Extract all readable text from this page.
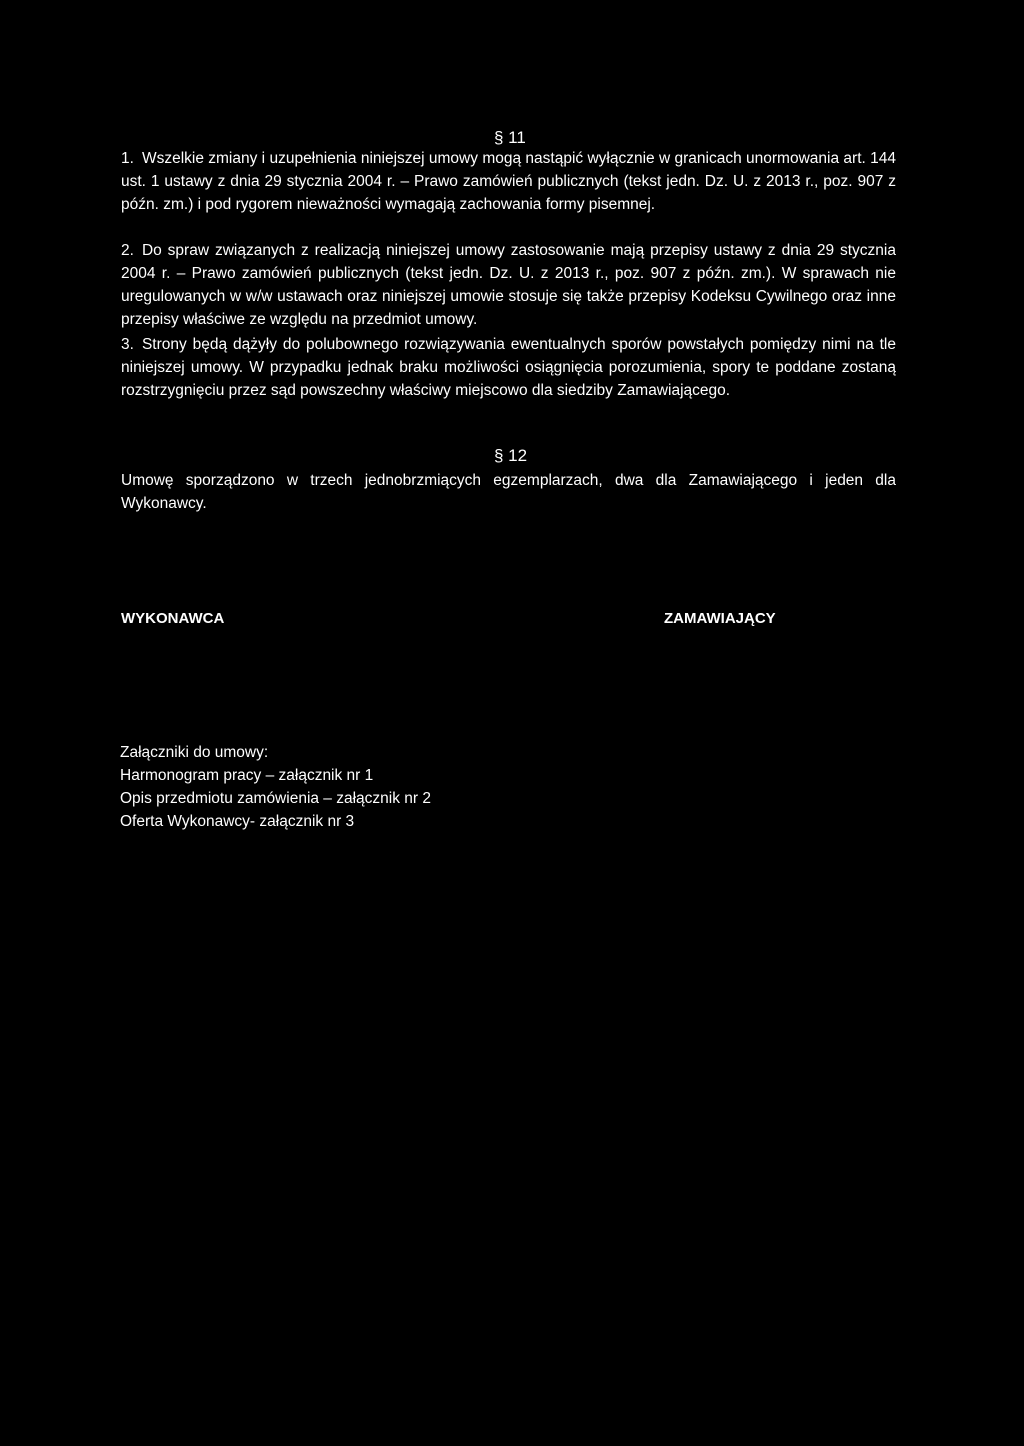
§ 11

1. Wszelkie zmiany i uzupełnienia niniejszej umowy mogą nastąpić wyłącznie w granicach unormowania art. 144 ust. 1 ustawy z dnia 29 stycznia 2004 r. – Prawo zamówień publicznych (tekst jedn. Dz. U. z 2013 r., poz. 907 z późn. zm.) i pod rygorem nieważności wymagają zachowania formy pisemnej.

2. Do spraw związanych z realizacją niniejszej umowy zastosowanie mają przepisy ustawy z dnia 29 stycznia 2004 r. – Prawo zamówień publicznych (tekst jedn. Dz. U. z 2013 r., poz. 907 z późn. zm.). W sprawach nie uregulowanych w w/w ustawach oraz niniejszej umowie stosuje się także przepisy Kodeksu Cywilnego oraz inne przepisy właściwe ze względu na przedmiot umowy.

3. Strony będą dążyły do polubownego rozwiązywania ewentualnych sporów powstałych pomiędzy nimi na tle niniejszej umowy. W przypadku jednak braku możliwości osiągnięcia porozumienia, spory te poddane zostaną rozstrzygnięciu przez sąd powszechny właściwy miejscowo dla siedziby Zamawiającego.

§ 12

Umowę sporządzono w trzech jednobrzmiących egzemplarzach, dwa dla Zamawiającego i jeden dla Wykonawcy.

WYKONAWCA	ZAMAWIAJĄCY
Załączniki do umowy:
Harmonogram pracy – załącznik nr 1
Opis przedmiotu zamówienia – załącznik nr 2
Oferta Wykonawcy- załącznik nr 3
